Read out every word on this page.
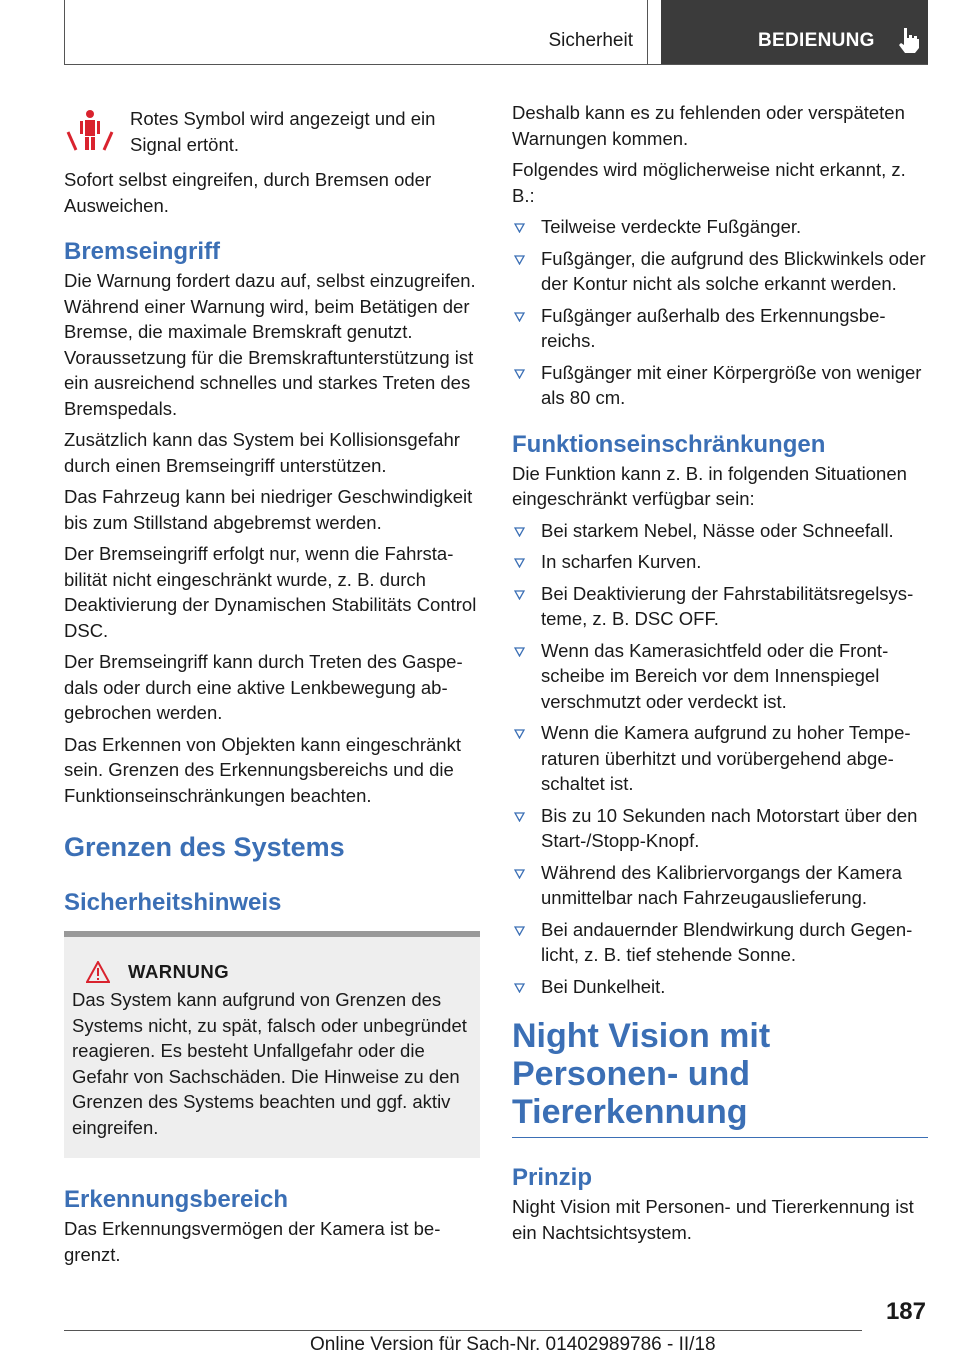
Sicherheit	BEDIENUNG
Rotes Symbol wird angezeigt und ein Signal ertönt.

Sofort selbst eingreifen, durch Bremsen oder Ausweichen.

Bremseingriff

Die Warnung fordert dazu auf, selbst einzugreifen. Während einer Warnung wird, beim Betätigen der Bremse, die maximale Bremskraft genutzt. Voraussetzung für die Bremskraftunterstützung ist ein ausreichend schnelles und starkes Treten des Bremspedals.

Zusätzlich kann das System bei Kollisionsgefahr durch einen Bremseingriff unterstützen.

Das Fahrzeug kann bei niedriger Geschwindigkeit bis zum Stillstand abgebremst werden.

Der Bremseingriff erfolgt nur, wenn die Fahrstabilität nicht eingeschränkt wurde, z. B. durch Deaktivierung der Dynamischen Stabilitäts Control DSC.

Der Bremseingriff kann durch Treten des Gaspedals oder durch eine aktive Lenkbewegung abgebrochen werden.

Das Erkennen von Objekten kann eingeschränkt sein. Grenzen des Erkennungsbereichs und die Funktionseinschränkungen beachten.

Grenzen des Systems
Sicherheitshinweis
WARNUNG

Das System kann aufgrund von Grenzen des Systems nicht, zu spät, falsch oder unbegründet reagieren. Es besteht Unfallgefahr oder die Gefahr von Sachschäden. Die Hinweise zu den Grenzen des Systems beachten und ggf. aktiv eingreifen.

Erkennungsbereich

Das Erkennungsvermögen der Kamera ist begrenzt.

Deshalb kann es zu fehlenden oder verspäteten Warnungen kommen.

Folgendes wird möglicherweise nicht erkannt, z. B.:

Teilweise verdeckte Fußgänger.
Fußgänger, die aufgrund des Blickwinkels oder der Kontur nicht als solche erkannt werden.
Fußgänger außerhalb des Erkennungsbereichs.
Fußgänger mit einer Körpergröße von weniger als 80 cm.
Funktionseinschränkungen

Die Funktion kann z. B. in folgenden Situationen eingeschränkt verfügbar sein:

Bei starkem Nebel, Nässe oder Schneefall.
In scharfen Kurven.
Bei Deaktivierung der Fahrstabilitätsregelsysteme, z. B. DSC OFF.
Wenn das Kamerasichtfeld oder die Frontscheibe im Bereich vor dem Innenspiegel verschmutzt oder verdeckt ist.
Wenn die Kamera aufgrund zu hoher Temperaturen überhitzt und vorübergehend abgeschaltet ist.
Bis zu 10 Sekunden nach Motorstart über den Start-/Stopp-Knopf.
Während des Kalibriervorgangs der Kamera unmittelbar nach Fahrzeugauslieferung.
Bei andauernder Blendwirkung durch Gegenlicht, z. B. tief stehende Sonne.
Bei Dunkelheit.
Night Vision mit Personen- und Tiererkennung
Prinzip

Night Vision mit Personen- und Tiererkennung ist ein Nachtsichtsystem.

187
Online Version für Sach-Nr. 01402989786 - II/18
